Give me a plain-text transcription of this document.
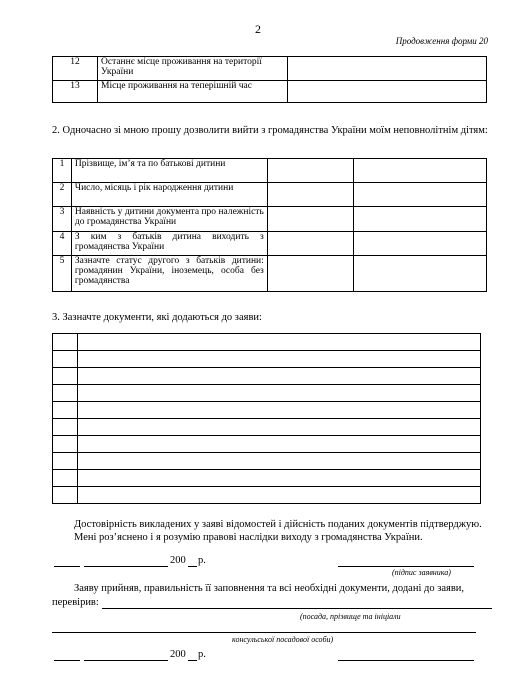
2
Продовження форми 20
12	Останнє місце проживання на території України	
13	Місце проживання на теперішній час	
2. Одночасно зі мною прошу дозволити вийти з громадянства України моїм неповнолітнім дітям:
1	Прізвище, ім’я та по батькові дитини		
2	Число, місяць і рік народження дитини		
3	Наявність у дитини документа про належність до громадянства України		
4	З ким з батьків дитина виходить з громадянства України		
5	Зазначте статус другого з батьків дитини: громадянин України, іноземець, особа без громадянства		
3. Зазначте документи, які додаються до заяви:

Достовірність викладених у заяві відомостей і дійсність поданих документів підтверджую.
Мені роз’яснено і я розумію правові наслідки виходу з громадянства України.
200 р.
(підпис заявника)
Заяву прийняв, правильність її заповнення та всі необхідні документи, додані до заяви,
перевірив:
(посада, прізвище та ініціали
консульської посадової особи)
200 р.
